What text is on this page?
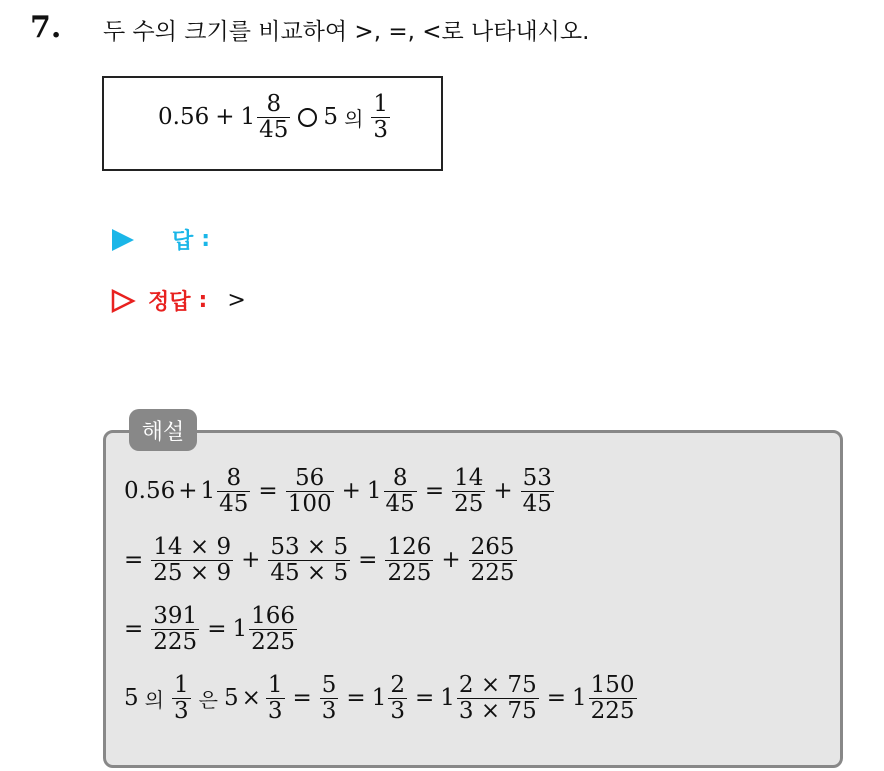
7. 두 수의 크기를 비교하여 >, =, <로 나타내시오.
$0.56 + 1 \frac{8}{45} 5$ 의 $\frac{1}{3}$
답 :
정답 : >
해설
$0.56 + 1 \frac{8}{45} = \frac{56}{100} + 1 \frac{8}{45} = \frac{14}{25} + \frac{53}{45}$
= $\frac{14 \times 9}{25 \times 9} + \frac{53 \times 5}{45 \times 5} = \frac{126}{225} + \frac{265}{225}$
= $\frac{391}{225} = 1 \frac{166}{225}$
5 의 $\frac{1}{3}$ 은 $5 \times \frac{1}{3} = \frac{5}{3} = 1 \frac{2}{3} = 1 \frac{2 \times 75}{3 \times 75} = 1 \frac{150}{225}$
